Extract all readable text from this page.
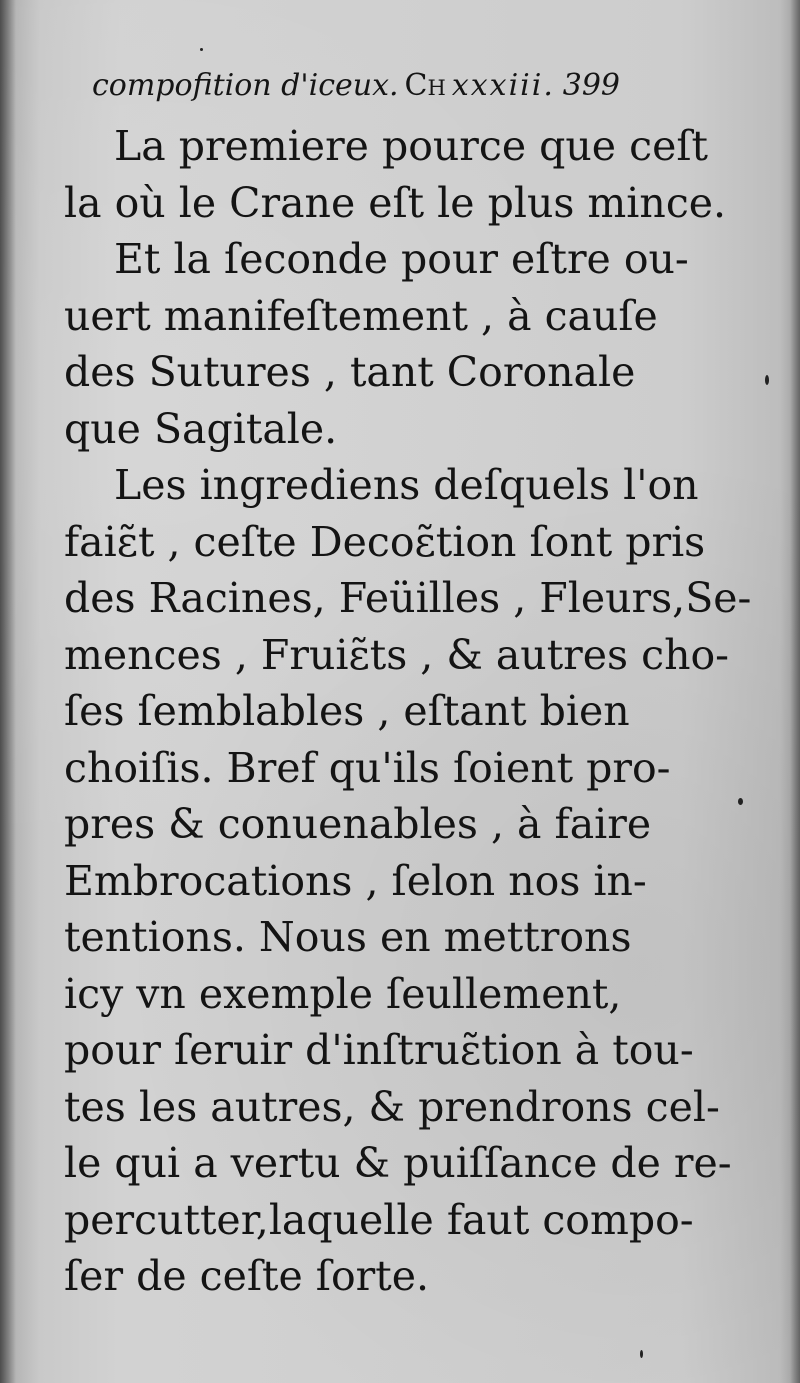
compofition d'iceux. Ch xxxiii. 399

La premiere pource que ceſt
la où le Crane eſt le plus mince.

Et la ſeconde pour eſtre ou-
uert manifeſtement , à cauſe
des Sutures , tant Coronale
que Sagitale.

Les ingrediens deſquels l'on
faiɛ̃t , ceſte Decoɛ̃tion ſont pris
des Racines, Feüilles , Fleurs,Se-
mences , Fruiɛ̃ts , & autres cho-
ſes ſemblables , eſtant bien
choiſis. Bref qu'ils ſoient pro-
pres & conuenables , à faire
Embrocations , ſelon nos in-
tentions. Nous en mettrons
icy vn exemple ſeullement,
pour ſeruir d'inſtruɛ̃tion à tou-
tes les autres, & prendrons cel-
le qui a vertu & puiſſance de re-
percutter,laquelle faut compo-
ſer de ceſte ſorte.
